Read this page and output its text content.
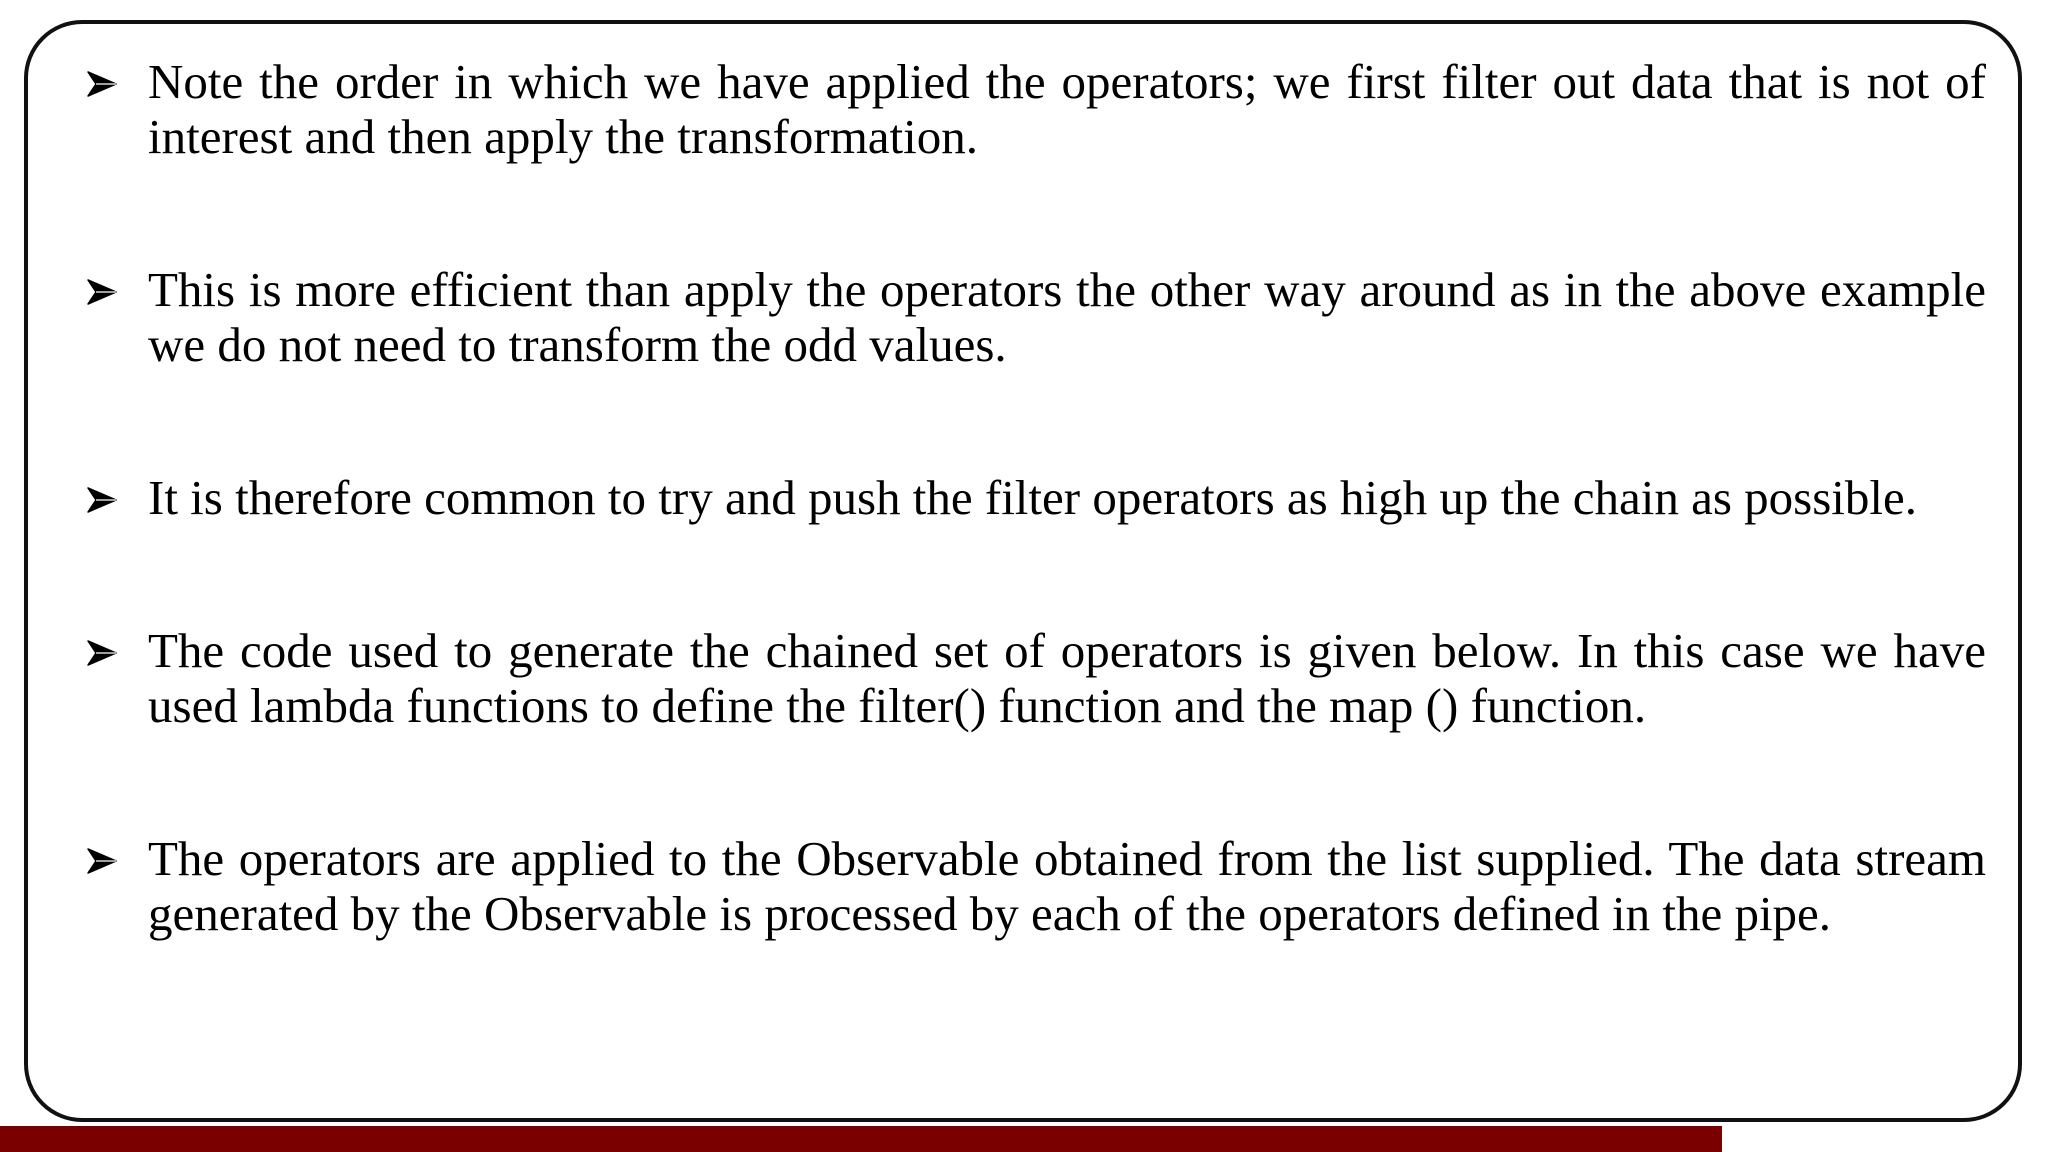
Note the order in which we have applied the operators; we first filter out data that is not of interest and then apply the transformation.
This is more efficient than apply the operators the other way around as in the above example we do not need to transform the odd values.
It is therefore common to try and push the filter operators as high up the chain as possible.
The code used to generate the chained set of operators is given below. In this case we have used lambda functions to define the filter() function and the map () function.
The operators are applied to the Observable obtained from the list supplied. The data stream generated by the Observable is processed by each of the operators defined in the pipe.
